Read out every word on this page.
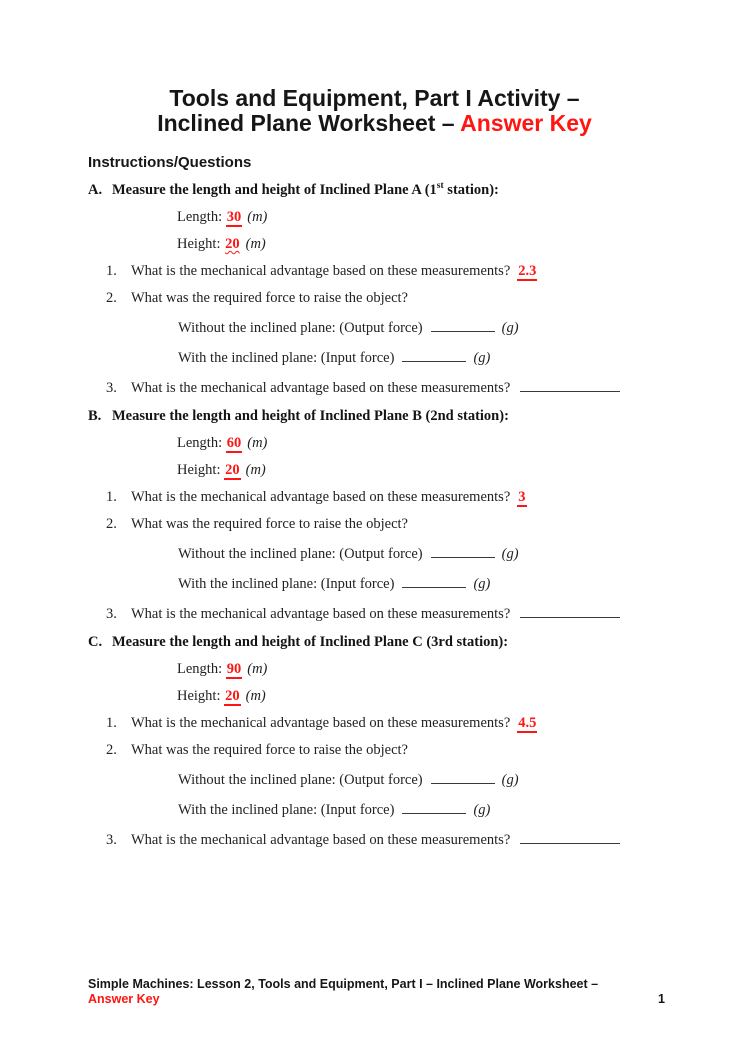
Tools and Equipment, Part I Activity –
Inclined Plane Worksheet – Answer Key
Instructions/Questions
A. Measure the length and height of Inclined Plane A (1st station):
Length: 30 (m)
Height: 20 (m)
1. What is the mechanical advantage based on these measurements? 2.3
2. What was the required force to raise the object?
Without the inclined plane: (Output force)	(g)
With the inclined plane: (Input force)	(g)
3. What is the mechanical advantage based on these measurements?
B. Measure the length and height of Inclined Plane B (2nd station):
Length: 60 (m)
Height: 20 (m)
1. What is the mechanical advantage based on these measurements? 3
2. What was the required force to raise the object?
Without the inclined plane: (Output force)	(g)
With the inclined plane: (Input force)	(g)
3. What is the mechanical advantage based on these measurements?
C. Measure the length and height of Inclined Plane C (3rd station):
Length: 90 (m)
Height: 20 (m)
1. What is the mechanical advantage based on these measurements? 4.5
2. What was the required force to raise the object?
Without the inclined plane: (Output force)	(g)
With the inclined plane: (Input force)	(g)
3. What is the mechanical advantage based on these measurements?
Simple Machines: Lesson 2, Tools and Equipment, Part I – Inclined Plane Worksheet –
Answer Key	1
